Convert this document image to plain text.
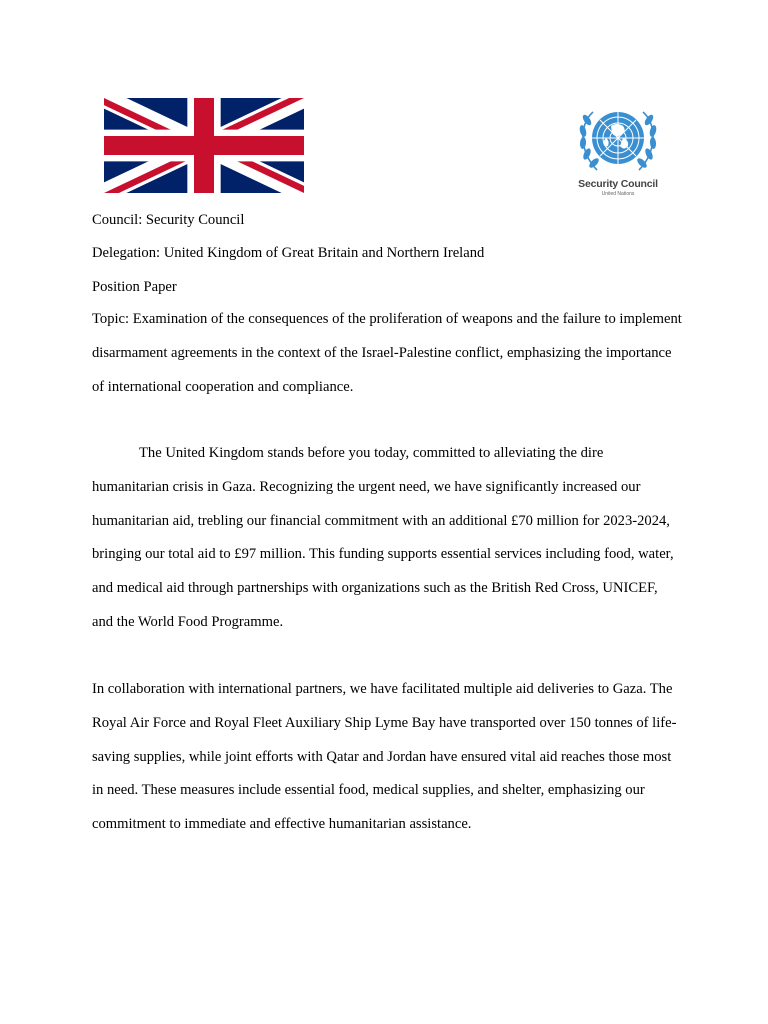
Security Council
United Nations
Council: Security Council
Delegation: United Kingdom of Great Britain and Northern Ireland
Position Paper
Topic: Examination of the consequences of the proliferation of weapons and the failure to implement disarmament agreements in the context of the Israel-Palestine conflict, emphasizing the importance of international cooperation and compliance.
The United Kingdom stands before you today, committed to alleviating the dire humanitarian crisis in Gaza. Recognizing the urgent need, we have significantly increased our humanitarian aid, trebling our financial commitment with an additional £70 million for 2023-2024, bringing our total aid to £97 million. This funding supports essential services including food, water, and medical aid through partnerships with organizations such as the British Red Cross, UNICEF, and the World Food Programme.
In collaboration with international partners, we have facilitated multiple aid deliveries to Gaza. The Royal Air Force and Royal Fleet Auxiliary Ship Lyme Bay have transported over 150 tonnes of life-saving supplies, while joint efforts with Qatar and Jordan have ensured vital aid reaches those most in need. These measures include essential food, medical supplies, and shelter, emphasizing our commitment to immediate and effective humanitarian assistance.
